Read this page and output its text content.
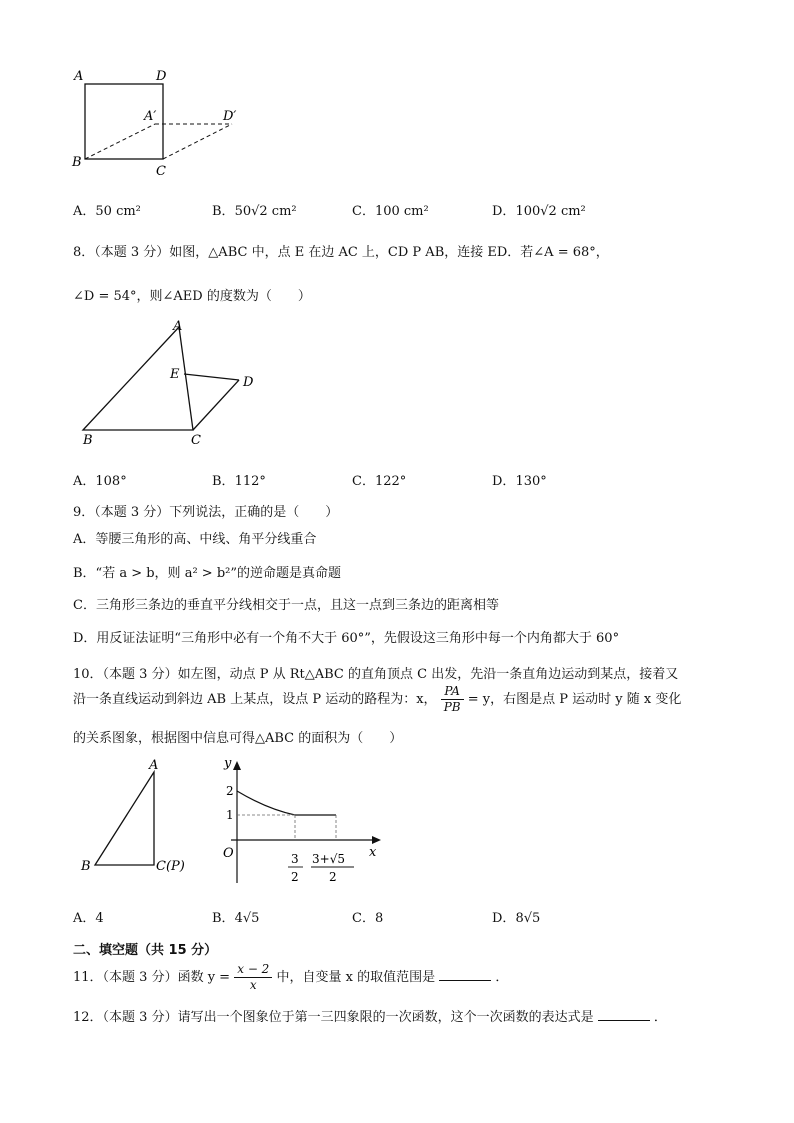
A	D
A′	D′
B
C
A．50 cm²	B．50√2 cm²	C．100 cm²	D．100√2 cm²
8．（本题 3 分）如图，△ABC 中，点 E 在边 AC 上，CD P AB，连接 ED．若∠A = 68°，
∠D = 54°，则∠AED 的度数为（　　）
A
E
D
B	C
A．108°	B．112°	C．122°	D．130°
9．（本题 3 分）下列说法，正确的是（　　）
A．等腰三角形的高、中线、角平分线重合
B．“若 a > b，则 a² > b²”的逆命题是真命题
C．三角形三条边的垂直平分线相交于一点，且这一点到三条边的距离相等
D．用反证法证明“三角形中必有一个角不大于 60°”，先假设这三角形中每一个内角都大于 60°
10．（本题 3 分）如左图，动点 P 从 Rt△ABC 的直角顶点 C 出发，先沿一条直角边运动到某点，接着又
沿一条直线运动到斜边 AB 上某点，设点 P 运动的路程为：x， $\frac{PA}{PB} = y$，右图是点 P 运动时 y 随 x 变化
的关系图象，根据图中信息可得△ABC 的面积为（　　）
A
B	C(P)
y
x
O
2
1
3
2
3+√5
2
A．4	B．4√5	C．8	D．8√5
二、填空题（共 15 分）
11．（本题 3 分）函数 $y = \frac{x - 2}{x}$ 中，自变量 x 的取值范围是	．
12．（本题 3 分）请写出一个图象位于第一三四象限的一次函数，这个一次函数的表达式是	．
